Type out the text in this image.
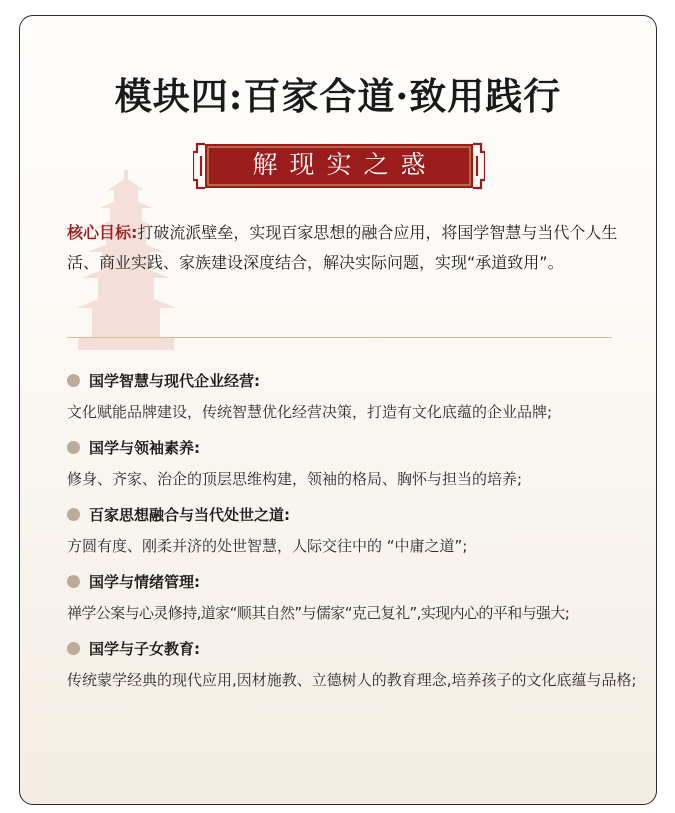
模块四:百家合道·致用践行
解现实之惑

核心目标:打破流派壁垒，实现百家思想的融合应用，将国学智慧与当代个人生活、商业实践、家族建设深度结合，解决实际问题，实现“承道致用”。

国学智慧与现代企业经营:

文化赋能品牌建设，传统智慧优化经营决策，打造有文化底蕴的企业品牌;

国学与领袖素养:

修身、齐家、治企的顶层思维构建，领袖的格局、胸怀与担当的培养;

百家思想融合与当代处世之道:

方圆有度、刚柔并济的处世智慧，人际交往中的 “中庸之道”;

国学与情绪管理:

禅学公案与心灵修持,道家“顺其自然”与儒家“克己复礼”,实现内心的平和与强大;

国学与子女教育:

传统蒙学经典的现代应用,因材施教、立德树人的教育理念,培养孩子的文化底蕴与品格;
